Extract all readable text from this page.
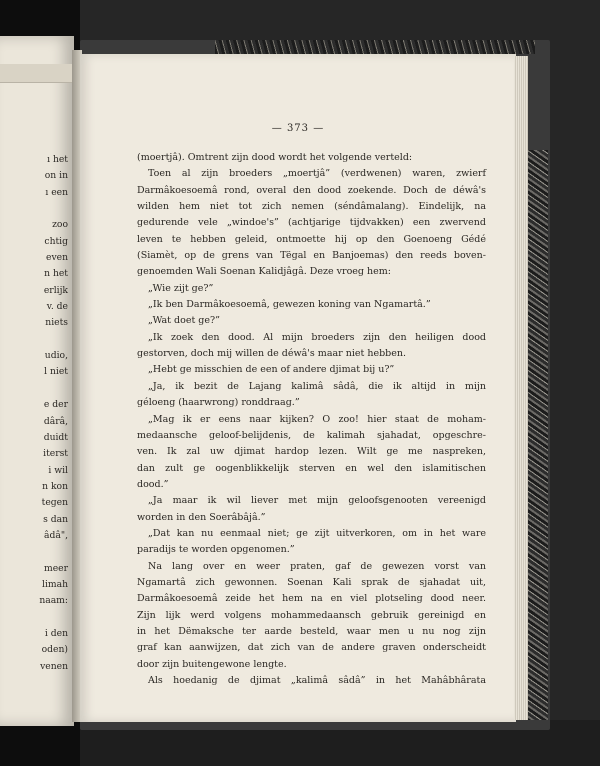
ı het
on in
ı een
zoo
chtig
even
n het
erlijk
v. de
niets
udio,
l niet
e der
dârâ,
duidt
iterst
i wil
n kon
tegen
s dan
âdâ",
meer
limah
naam:
i den
oden)
venen
— 373 —
(moertjâ). Omtrent zijn dood wordt het volgende verteld:
Toen al zijn broeders „moertjâ” (verdwenen) waren, zwierf
Darmâkoesoemâ rond, overal den dood zoekende. Doch de déwâ's
wilden hem niet tot zich nemen (séndâmalang). Eindelijk, na
gedurende vele „windoe's” (achtjarige tijdvakken) een zwervend
leven te hebben geleid, ontmoette hij op den Goenoeng Gédé
(Siamèt, op de grens van Tëgal en Banjoemas) den reeds boven-
genoemden Wali Soenan Kalidjâgâ. Deze vroeg hem:
„Wie zijt ge?”
„Ik ben Darmâkoesoemâ, gewezen koning van Ngamartâ.”
„Wat doet ge?”
„Ik zoek den dood. Al mijn broeders zijn den heiligen dood
gestorven, doch mij willen de déwâ's maar niet hebben.
„Hebt ge misschien de een of andere djimat bij u?”
„Ja, ik bezit de Lajang kalimâ sâdâ, die ik altijd in mijn
géloeng (haarwrong) ronddraag.”
„Mag ik er eens naar kijken? O zoo! hier staat de moham-
medaansche geloof-belijdenis, de kalimah sjahadat, opgeschre-
ven. Ik zal uw djimat hardop lezen. Wilt ge me naspreken,
dan zult ge oogenblikkelijk sterven en wel den islamitischen
dood.”
„Ja maar ik wil liever met mijn geloofsgenooten vereenigd
worden in den Soerâbâjâ.”
„Dat kan nu eenmaal niet; ge zijt uitverkoren, om in het ware
paradijs te worden opgenomen.”
Na lang over en weer praten, gaf de gewezen vorst van
Ngamartâ zich gewonnen. Soenan Kali sprak de sjahadat uit,
Darmâkoesoemâ zeide het hem na en viel plotseling dood neer.
Zijn lijk werd volgens mohammedaansch gebruik gereinigd en
in het Dëmaksche ter aarde besteld, waar men u nu nog zijn
graf kan aanwijzen, dat zich van de andere graven onderscheidt
door zijn buitengewone lengte.
Als hoedanig de djimat „kalimâ sâdâ” in het Mahâbhârata
